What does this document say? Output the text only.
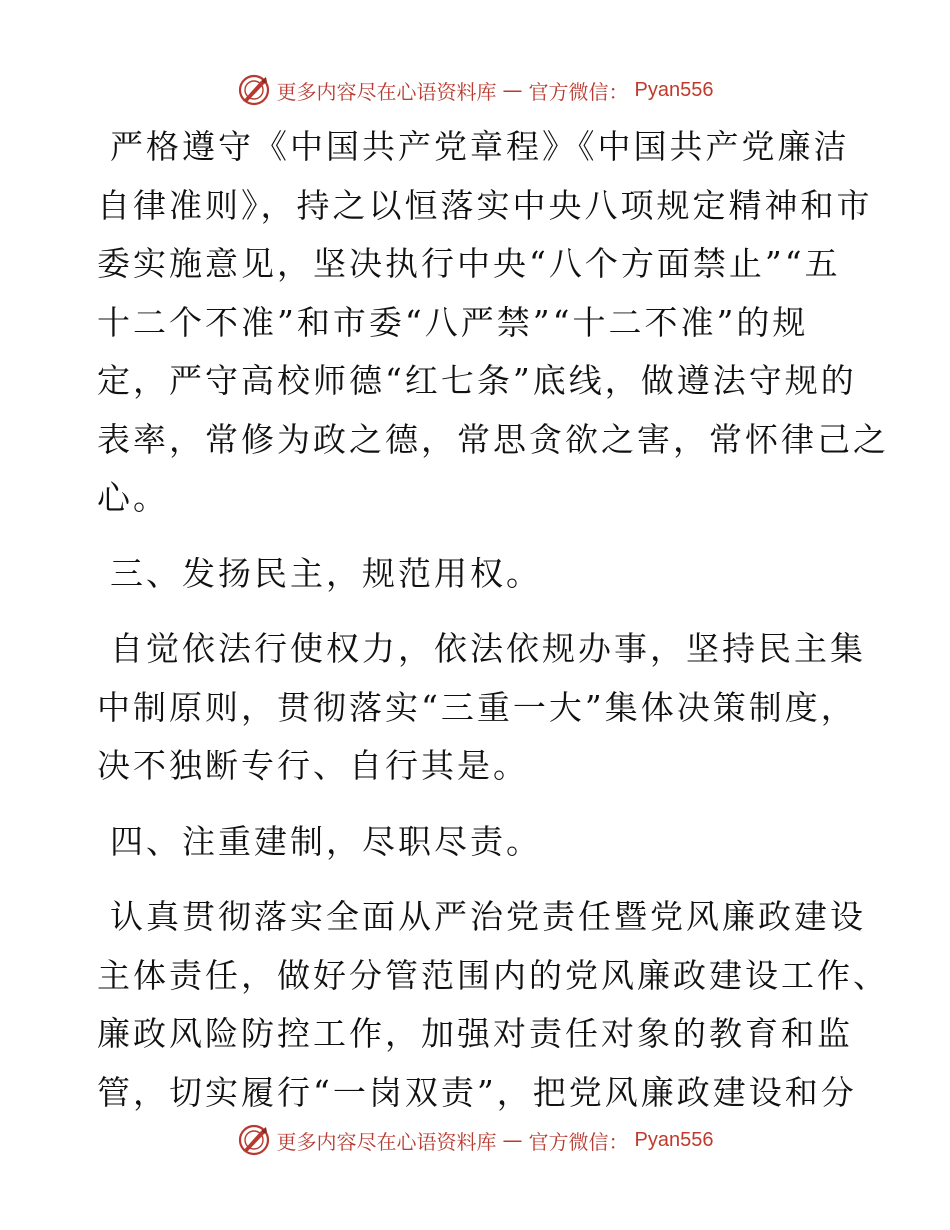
更多内容尽在心语资料库 — 官方微信： Pyan556
严格遵守《中国共产党章程》《中国共产党廉洁
自律准则》，持之以恒落实中央八项规定精神和市
委实施意见，坚决执行中央“八个方面禁止”“五
十二个不准”和市委“八严禁”“十二不准”的规
定，严守高校师德“红七条”底线，做遵法守规的
表率，常修为政之德，常思贪欲之害，常怀律己之
心。
三、发扬民主，规范用权。
自觉依法行使权力，依法依规办事，坚持民主集
中制原则，贯彻落实“三重一大”集体决策制度，
决不独断专行、自行其是。
四、注重建制，尽职尽责。
认真贯彻落实全面从严治党责任暨党风廉政建设
主体责任，做好分管范围内的党风廉政建设工作、
廉政风险防控工作，加强对责任对象的教育和监
管，切实履行“一岗双责”，把党风廉政建设和分
更多内容尽在心语资料库 — 官方微信： Pyan556
